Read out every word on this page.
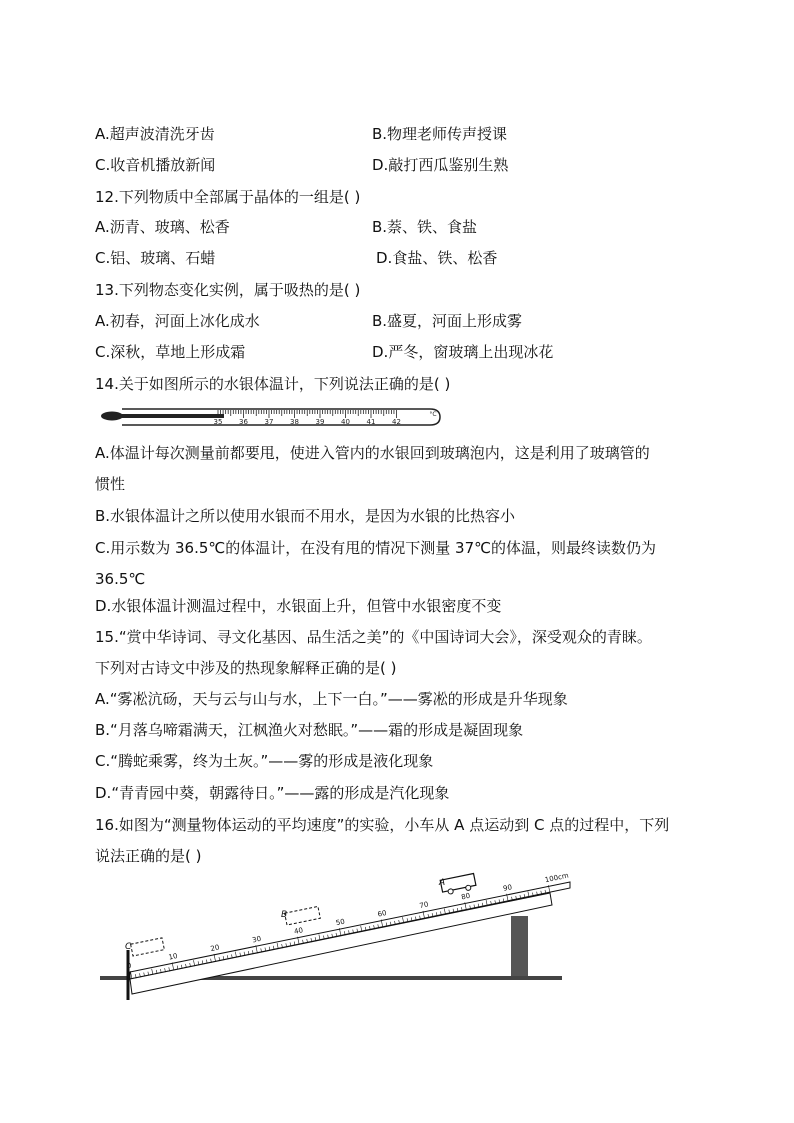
A.超声波清洗牙齿	B.物理老师传声授课
C.收音机播放新闻	D.敲打西瓜鉴别生熟
12.下列物质中全部属于晶体的一组是( )
A.沥青、玻璃、松香	B.萘、铁、食盐
C.铝、玻璃、石蜡	D.食盐、铁、松香
13.下列物态变化实例，属于吸热的是( )
A.初春，河面上冰化成水	B.盛夏，河面上形成雾
C.深秋，草地上形成霜	D.严冬，窗玻璃上出现冰花
14.关于如图所示的水银体温计，下列说法正确的是( )
35 36 37 38 39 40 41 42
°C
A.体温计每次测量前都要甩，使进入管内的水银回到玻璃泡内，这是利用了玻璃管的
惯性
B.水银体温计之所以使用水银而不用水，是因为水银的比热容小
C.用示数为 36.5℃的体温计，在没有甩的情况下测量 37℃的体温，则最终读数仍为
36.5℃
D.水银体温计测温过程中，水银面上升，但管中水银密度不变
15.“赏中华诗词、寻文化基因、品生活之美”的《中国诗词大会》，深受观众的青睐。
下列对古诗文中涉及的热现象解释正确的是( )
A.“雾凇沆砀，天与云与山与水，上下一白。”——雾凇的形成是升华现象
B.“月落乌啼霜满天，江枫渔火对愁眠。”——霜的形成是凝固现象
C.“腾蛇乘雾，终为土灰。”——雾的形成是液化现象
D.“青青园中葵，朝露待日。”——露的形成是汽化现象
16.如图为“测量物体运动的平均速度”的实验，小车从 A 点运动到 C 点的过程中，下列
说法正确的是( )
0
10
20
30
40
50
60
70
80
90
100cm
C
B
A
